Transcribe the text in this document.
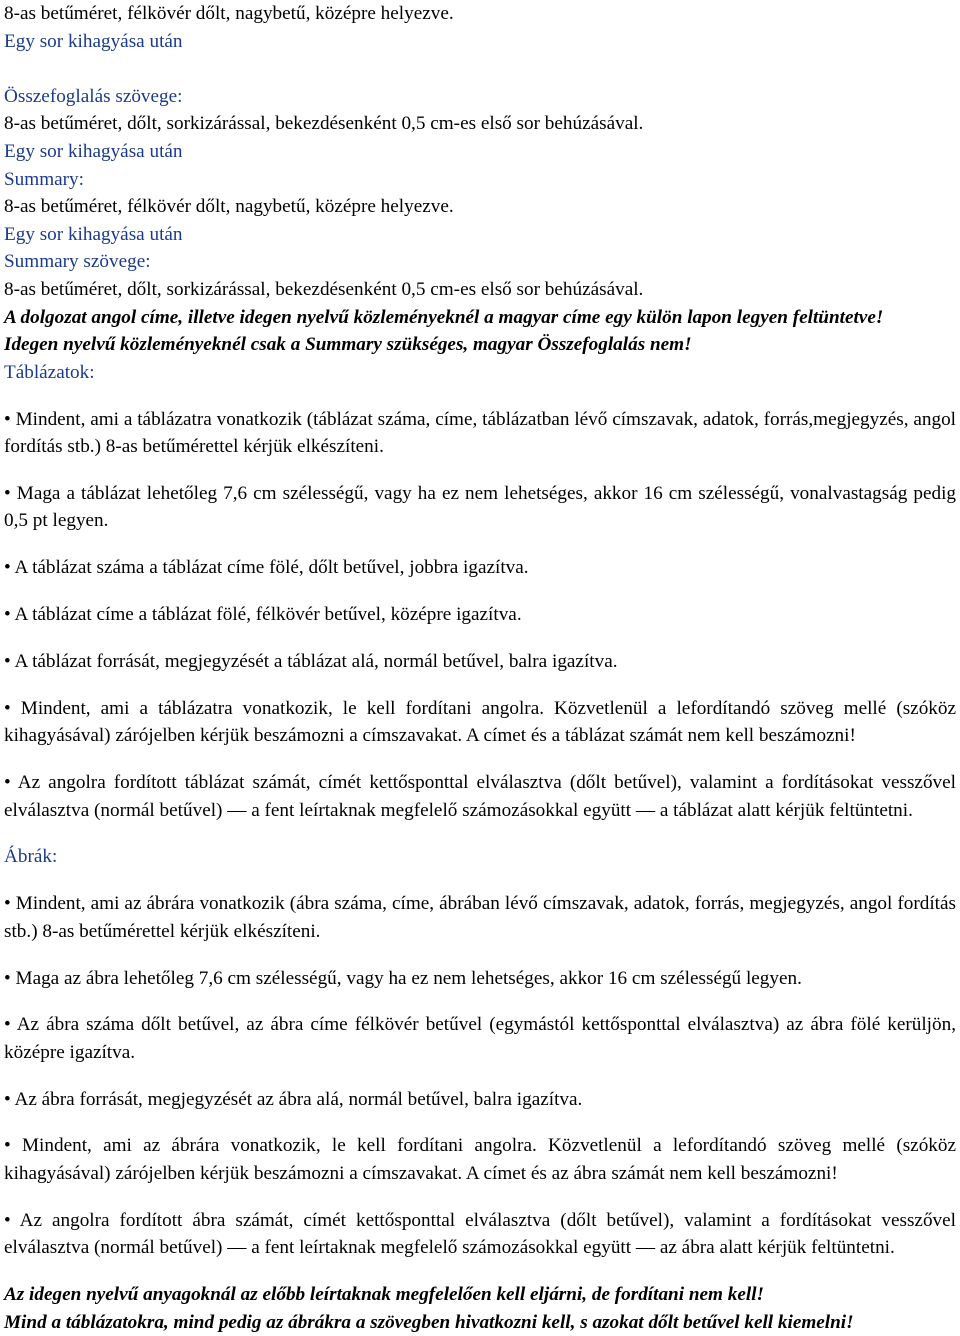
8-as betűméret, félkövér dőlt, nagybetű, középre helyezve.

Egy sor kihagyása után

Összefoglalás szövege:

8-as betűméret, dőlt, sorkizárással, bekezdésenként 0,5 cm-es első sor behúzásával.

Egy sor kihagyása után

Summary:

8-as betűméret, félkövér dőlt, nagybetű, középre helyezve.

Egy sor kihagyása után

Summary szövege:

8-as betűméret, dőlt, sorkizárással, bekezdésenként 0,5 cm-es első sor behúzásával.

A dolgozat angol címe, illetve idegen nyelvű közleményeknél a magyar címe egy külön lapon legyen feltüntetve!

Idegen nyelvű közleményeknél csak a Summary szükséges, magyar Összefoglalás nem!

Táblázatok:

• Mindent, ami a táblázatra vonatkozik (táblázat száma, címe, táblázatban lévő címszavak, adatok, forrás,megjegyzés, angol fordítás stb.) 8-as betűmérettel kérjük elkészíteni.

• Maga a táblázat lehetőleg 7,6 cm szélességű, vagy ha ez nem lehetséges, akkor 16 cm szélességű, vonalvastagság pedig 0,5 pt legyen.

• A táblázat száma a táblázat címe fölé, dőlt betűvel, jobbra igazítva.

• A táblázat címe a táblázat fölé, félkövér betűvel, középre igazítva.

• A táblázat forrását, megjegyzését a táblázat alá, normál betűvel, balra igazítva.

• Mindent, ami a táblázatra vonatkozik, le kell fordítani angolra. Közvetlenül a lefordítandó szöveg mellé (szóköz kihagyásával) zárójelben kérjük beszámozni a címszavakat. A címet és a táblázat számát nem kell beszámozni!

• Az angolra fordított táblázat számát, címét kettősponttal elválasztva (dőlt betűvel), valamint a fordításokat vesszővel elválasztva (normál betűvel) — a fent leírtaknak megfelelő számozásokkal együtt — a táblázat alatt kérjük feltüntetni.

Ábrák:

• Mindent, ami az ábrára vonatkozik (ábra száma, címe, ábrában lévő címszavak, adatok, forrás, megjegyzés, angol fordítás stb.) 8-as betűmérettel kérjük elkészíteni.

• Maga az ábra lehetőleg 7,6 cm szélességű, vagy ha ez nem lehetséges, akkor 16 cm szélességű legyen.

• Az ábra száma dőlt betűvel, az ábra címe félkövér betűvel (egymástól kettősponttal elválasztva) az ábra fölé kerüljön, középre igazítva.

• Az ábra forrását, megjegyzését az ábra alá, normál betűvel, balra igazítva.

• Mindent, ami az ábrára vonatkozik, le kell fordítani angolra. Közvetlenül a lefordítandó szöveg mellé (szóköz kihagyásával) zárójelben kérjük beszámozni a címszavakat. A címet és az ábra számát nem kell beszámozni!

• Az angolra fordított ábra számát, címét kettősponttal elválasztva (dőlt betűvel), valamint a fordításokat vesszővel elválasztva (normál betűvel) — a fent leírtaknak megfelelő számozásokkal együtt — az ábra alatt kérjük feltüntetni.

Az idegen nyelvű anyagoknál az előbb leírtaknak megfelelően kell eljárni, de fordítani nem kell!

Mind a táblázatokra, mind pedig az ábrákra a szövegben hivatkozni kell, s azokat dőlt betűvel kell kiemelni!
